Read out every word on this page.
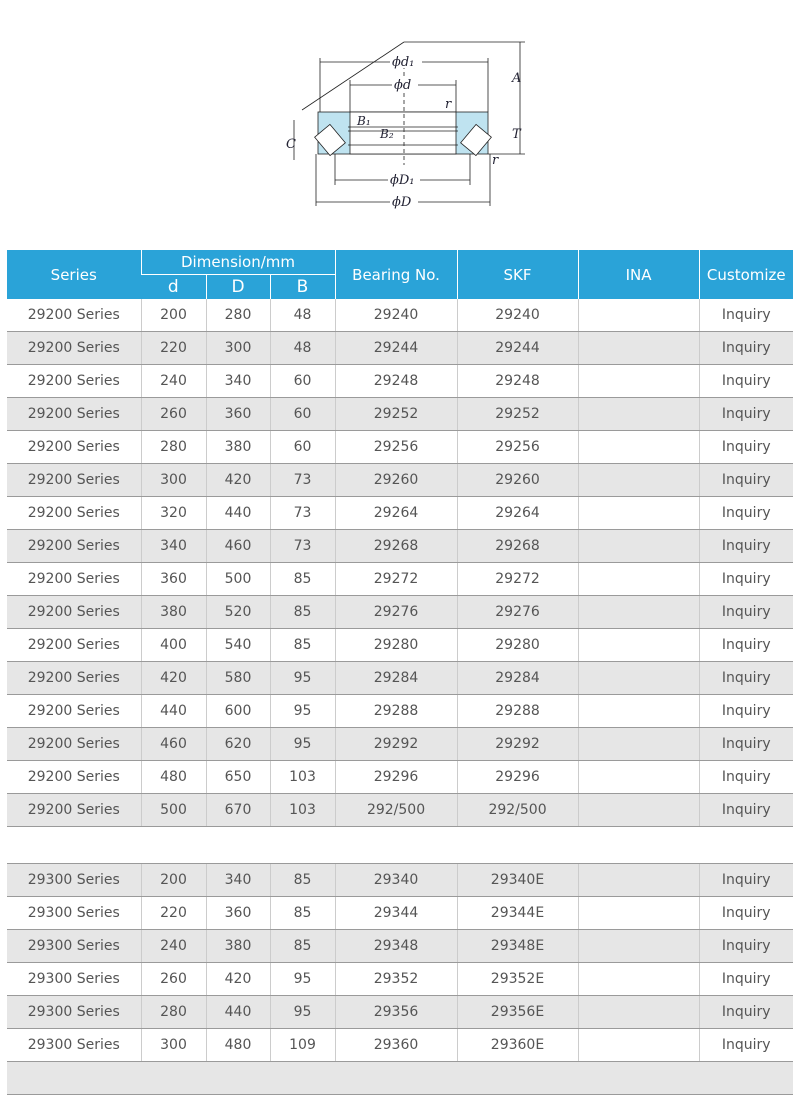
ϕd₁
ϕd
ϕD₁
ϕD
A
T
C
r
r
B₁
B₂
Series	Dimension/mm			Bearing No.	SKF	INA	Customize
	d	D	B				
29200 Series	200	280	48	29240	29240		Inquiry
29200 Series	220	300	48	29244	29244		Inquiry
29200 Series	240	340	60	29248	29248		Inquiry
29200 Series	260	360	60	29252	29252		Inquiry
29200 Series	280	380	60	29256	29256		Inquiry
29200 Series	300	420	73	29260	29260		Inquiry
29200 Series	320	440	73	29264	29264		Inquiry
29200 Series	340	460	73	29268	29268		Inquiry
29200 Series	360	500	85	29272	29272		Inquiry
29200 Series	380	520	85	29276	29276		Inquiry
29200 Series	400	540	85	29280	29280		Inquiry
29200 Series	420	580	95	29284	29284		Inquiry
29200 Series	440	600	95	29288	29288		Inquiry
29200 Series	460	620	95	29292	29292		Inquiry
29200 Series	480	650	103	29296	29296		Inquiry
29200 Series	500	670	103	292/500	292/500		Inquiry
29300 Series	200	340	85	29340	29340E		Inquiry
29300 Series	220	360	85	29344	29344E		Inquiry
29300 Series	240	380	85	29348	29348E		Inquiry
29300 Series	260	420	95	29352	29352E		Inquiry
29300 Series	280	440	95	29356	29356E		Inquiry
29300 Series	300	480	109	29360	29360E		Inquiry
